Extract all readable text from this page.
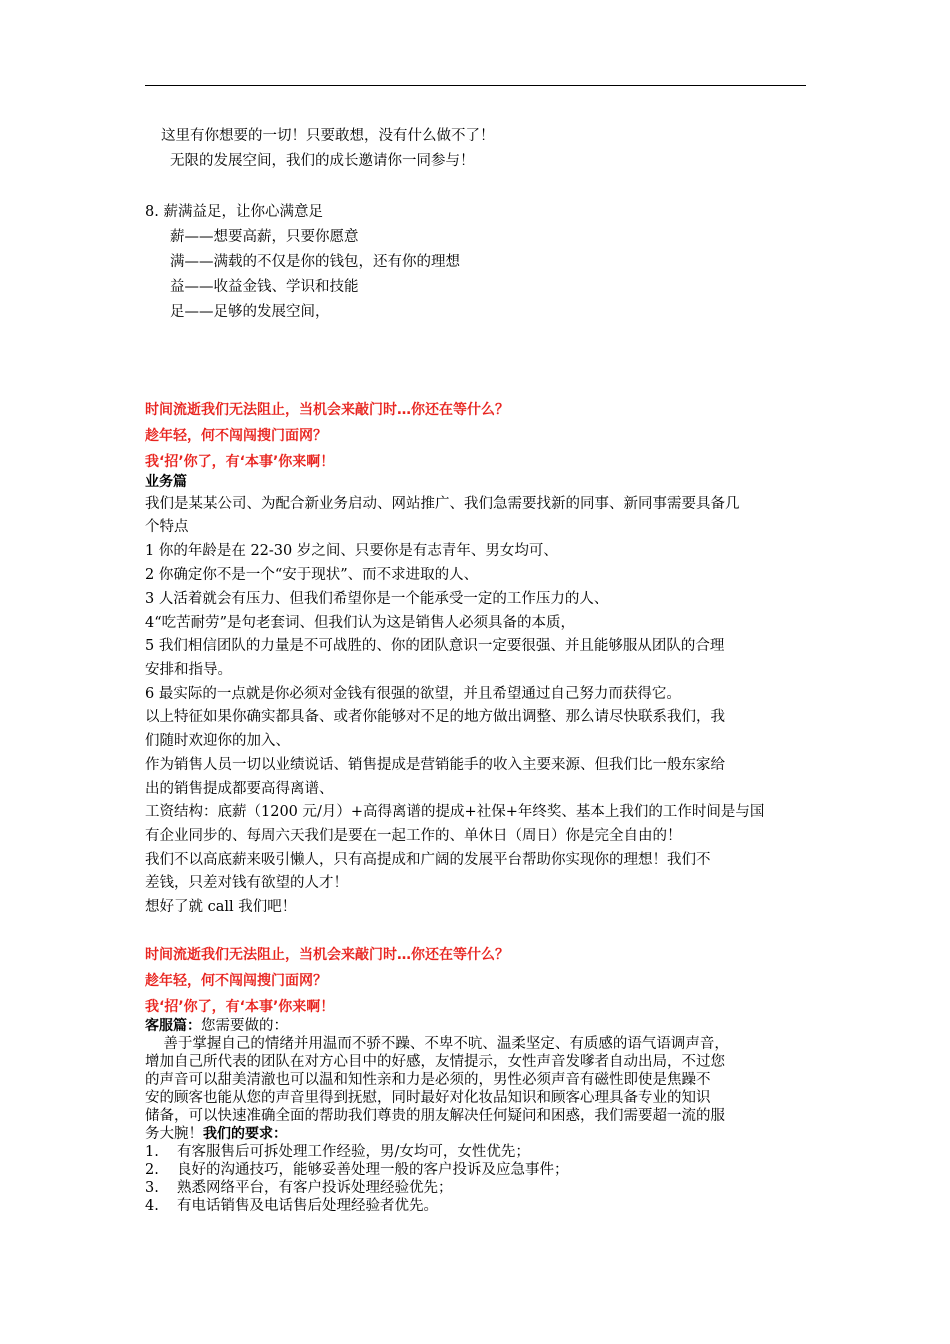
这里有你想要的一切！只要敢想，没有什么做不了！
无限的发展空间，我们的成长邀请你一同参与！
8. 薪满益足，让你心满意足
薪——想要高薪，只要你愿意
满——满载的不仅是你的钱包，还有你的理想
益——收益金钱、学识和技能
足——足够的发展空间，
时间流逝我们无法阻止，当机会来敲门时…你还在等什么？
趁年轻，何不闯闯搜门面网？
我‘招’你了，有‘本事’你来啊！
业务篇
我们是某某公司、为配合新业务启动、网站推广、我们急需要找新的同事、新同事需要具备几
个特点
1 你的年龄是在 22-30 岁之间、只要你是有志青年、男女均可、
2 你确定你不是一个“安于现状”、而不求进取的人、
3 人活着就会有压力、但我们希望你是一个能承受一定的工作压力的人、
4“吃苦耐劳”是句老套词、但我们认为这是销售人必须具备的本质，
5 我们相信团队的力量是不可战胜的、你的团队意识一定要很强、并且能够服从团队的合理
安排和指导。
6 最实际的一点就是你必须对金钱有很强的欲望，并且希望通过自己努力而获得它。
以上特征如果你确实都具备、或者你能够对不足的地方做出调整、那么请尽快联系我们，我
们随时欢迎你的加入、
作为销售人员一切以业绩说话、销售提成是营销能手的收入主要来源、但我们比一般东家给
出的销售提成都要高得离谱、
工资结构：底薪（1200 元/月）+高得离谱的提成+社保+年终奖、基本上我们的工作时间是与国
有企业同步的、每周六天我们是要在一起工作的、单休日（周日）你是完全自由的！
我们不以高底薪来吸引懒人，只有高提成和广阔的发展平台帮助你实现你的理想！我们不
差钱，只差对钱有欲望的人才！
想好了就 call 我们吧！
时间流逝我们无法阻止，当机会来敲门时…你还在等什么？
趁年轻，何不闯闯搜门面网？
我‘招’你了，有‘本事’你来啊！
客服篇：您需要做的：
善于掌握自己的情绪并用温而不骄不躁、不卑不吭、温柔坚定、有质感的语气语调声音，
增加自己所代表的团队在对方心目中的好感，友情提示，女性声音发嗲者自动出局，不过您
的声音可以甜美清澈也可以温和知性亲和力是必须的，男性必须声音有磁性即使是焦躁不
安的顾客也能从您的声音里得到抚慰，同时最好对化妆品知识和顾客心理具备专业的知识
储备，可以快速准确全面的帮助我们尊贵的朋友解决任何疑问和困惑，我们需要超一流的服
务大腕！我们的要求：
1. 有客服售后可拆处理工作经验，男/女均可，女性优先；
2. 良好的沟通技巧，能够妥善处理一般的客户投诉及应急事件；
3. 熟悉网络平台，有客户投诉处理经验优先；
4. 有电话销售及电话售后处理经验者优先。
